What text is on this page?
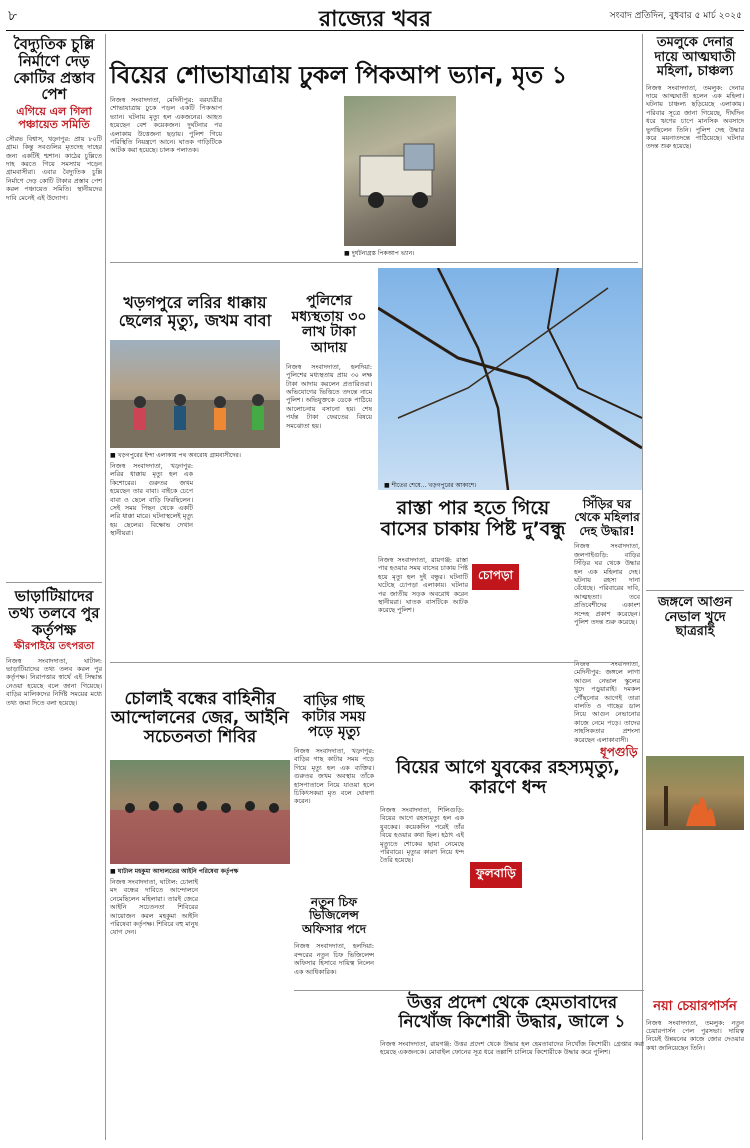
৮	রাজ্যের খবর	সংবাদ প্রতিদিন, বুধবার ৫ মার্চ ২০২৫
বৈদ্যুতিক চুল্লি নির্মাণে দেড় কোটির প্রস্তাব পেশ
এগিয়ে এল গিলা পঞ্চায়েত সমিতি
সৌরভ বিশ্বাস, খড়্গপুর: প্রায় ৮০টি গ্রাম। কিন্তু সবগুলির মৃতদেহ দাহের জন্য একটিই শ্মশান। কাঠের চুল্লিতে দাহ করতে গিয়ে সমস্যায় পড়েন গ্রামবাসীরা। এবার বৈদ্যুতিক চুল্লি নির্মাণে দেড় কোটি টাকার প্রস্তাব পেশ করল পঞ্চায়েত সমিতি। স্থানীয়দের দাবি মেনেই এই উদ্যোগ।
ভাড়াটিয়াদের তথ্য তলবে পুর কর্তৃপক্ষ
ক্ষীরপাইয়ে তৎপরতা
নিজস্ব সংবাদদাতা, ঘাটাল: ভাড়াটিয়াদের তথ্য তলব করল পুর কর্তৃপক্ষ। নিরাপত্তার স্বার্থে এই সিদ্ধান্ত নেওয়া হয়েছে বলে জানা গিয়েছে। বাড়ির মালিকদের নির্দিষ্ট সময়ের মধ্যে তথ্য জমা দিতে বলা হয়েছে।
বিয়ের শোভাযাত্রায় ঢুকল পিকআপ ভ্যান, মৃত ১
নিজস্ব সংবাদদাতা, মেদিনীপুর: বরযাত্রীর শোভাযাত্রায় ঢুকে পড়ল একটি পিকআপ ভ্যান। ঘটনায় মৃত্যু হল একজনের। আহত হয়েছেন বেশ কয়েকজন। দুর্ঘটনার পর এলাকায় উত্তেজনা ছড়ায়। পুলিশ গিয়ে পরিস্থিতি নিয়ন্ত্রণে আনে। ঘাতক গাড়িটিকে আটক করা হয়েছে। চালক পলাতক।
■ দুর্ঘটনাগ্রস্ত পিকআপ ভ্যান।
তমলুকে দেনার দায়ে আত্মঘাতী মহিলা, চাঞ্চল্য
নিজস্ব সংবাদদাতা, তমলুক: দেনার দায়ে আত্মঘাতী হলেন এক মহিলা। ঘটনায় চাঞ্চল্য ছড়িয়েছে এলাকায়। পরিবার সূত্রে জানা গিয়েছে, দীর্ঘদিন ধরে ঋণের চাপে মানসিক অবসাদে ভুগছিলেন তিনি। পুলিশ দেহ উদ্ধার করে ময়নাতদন্তে পাঠিয়েছে। ঘটনার তদন্ত শুরু হয়েছে।
খড়গপুরে লরির ধাক্কায় ছেলের মৃত্যু, জখম বাবা
■ খড়গপুরের ইন্দা এলাকায় পথ অবরোধ গ্রামবাসীদের।
নিজস্ব সংবাদদাতা, খড়্গপুর: লরির ধাক্কায় মৃত্যু হল এক কিশোরের। গুরুতর জখম হয়েছেন তার বাবা। বাইকে চেপে বাবা ও ছেলে বাড়ি ফিরছিলেন। সেই সময় পিছন থেকে একটি লরি ধাক্কা মারে। ঘটনাস্থলেই মৃত্যু হয় ছেলের। বিক্ষোভ দেখান স্থানীয়রা।
পুলিশের মধ্যস্থতায় ৩০ লাখ টাকা আদায়
নিজস্ব সংবাদদাতা, হলদিয়া: পুলিশের মধ্যস্থতায় প্রায় ৩০ লক্ষ টাকা আদায় করলেন প্রতারিতরা। অভিযোগের ভিত্তিতে তদন্তে নামে পুলিশ। অভিযুক্তকে ডেকে পাঠিয়ে আলোচনায় বসানো হয়। শেষ পর্যন্ত টাকা ফেরতের বিষয়ে সমঝোতা হয়।
■ শীতের শেষে... খড়গপুরের আকাশে।
রাস্তা পার হতে গিয়ে বাসের চাকায় পিষ্ট দু’বন্ধু
চোপড়া
নিজস্ব সংবাদদাতা, রায়গঞ্জ: রাস্তা পার হওয়ার সময় বাসের চাকায় পিষ্ট হয়ে মৃত্যু হল দুই বন্ধুর। ঘটনাটি ঘটেছে চোপড়া এলাকায়। ঘটনার পর জাতীয় সড়ক অবরোধ করেন স্থানীয়রা। ঘাতক বাসটিকে আটক করেছে পুলিশ।
সিঁড়ির ঘর থেকে মহিলার দেহ উদ্ধার!
নিজস্ব সংবাদদাতা, জলপাইগুড়ি: বাড়ির সিঁড়ির ঘর থেকে উদ্ধার হল এক মহিলার দেহ। ঘটনায় রহস্য দানা বেঁধেছে। পরিবারের দাবি, আত্মহত্যা। তবে প্রতিবেশীদের একাংশ সন্দেহ প্রকাশ করেছেন। পুলিশ তদন্ত শুরু করেছে।
জঙ্গলে আগুন নেভাল খুদে ছাত্ররাই
নিজস্ব সংবাদদাতা, মেদিনীপুর: জঙ্গলে লাগা আগুন নেভাল স্কুলের খুদে পড়ুয়ারাই। দমকল পৌঁছনোর আগেই তারা বালতি ও গাছের ডাল নিয়ে আগুন নেভানোর কাজে নেমে পড়ে। তাদের সাহসিকতার প্রশংসা করেছেন এলাকাবাসী।
ধূপগুড়ি
চোলাই বন্ধের বাহিনীর আন্দোলনের জের, আইনি সচেতনতা শিবির
■ ঘাটাল মহকুমা আদালতের আইনি পরিষেবা কর্তৃপক্ষ
নিজস্ব সংবাদদাতা, ঘাটাল: চোলাই মদ বন্ধের দাবিতে আন্দোলনে নেমেছিলেন মহিলারা। তারই জেরে আইনি সচেতনতা শিবিরের আয়োজন করল মহকুমা আইনি পরিষেবা কর্তৃপক্ষ। শিবিরে বহু মানুষ যোগ দেন।
বাড়ির গাছ কাটার সময় পড়ে মৃত্যু
নিজস্ব সংবাদদাতা, খড়্গপুর: বাড়ির গাছ কাটার সময় পড়ে গিয়ে মৃত্যু হল এক ব্যক্তির। গুরুতর জখম অবস্থায় তাঁকে হাসপাতালে নিয়ে যাওয়া হলে চিকিৎসকরা মৃত বলে ঘোষণা করেন।
বিয়ের আগে যুবকের রহস্যমৃত্যু, কারণে ধন্দ
ফুলবাড়ি
নিজস্ব সংবাদদাতা, শিলিগুড়ি: বিয়ের আগে রহস্যমৃত্যু হল এক যুবকের। কয়েকদিন পরেই তাঁর বিয়ে হওয়ার কথা ছিল। হঠাৎ এই মৃত্যুতে শোকের ছায়া নেমেছে পরিবারে। মৃত্যুর কারণ নিয়ে ধন্দ তৈরি হয়েছে।
নতুন চিফ ভিজিলেন্স অফিসার পদে
নিজস্ব সংবাদদাতা, হলদিয়া: বন্দরের নতুন চিফ ভিজিলেন্স অফিসার হিসাবে দায়িত্ব নিলেন এক আধিকারিক।
উত্তর প্রদেশ থেকে হেমতাবাদের নিখোঁজ কিশোরী উদ্ধার, জালে ১
নিজস্ব সংবাদদাতা, রায়গঞ্জ: উত্তর প্রদেশ থেকে উদ্ধার হল হেমতাবাদের নিখোঁজ কিশোরী। গ্রেপ্তার করা হয়েছে একজনকে। মোবাইল ফোনের সূত্র ধরে তল্লাশি চালিয়ে কিশোরীকে উদ্ধার করে পুলিশ।
নয়া চেয়ারপার্সন
নিজস্ব সংবাদদাতা, তমলুক: নতুন চেয়ারপার্সন পেল পুরসভা। দায়িত্ব নিয়েই উন্নয়নের কাজে জোর দেওয়ার কথা জানিয়েছেন তিনি।
